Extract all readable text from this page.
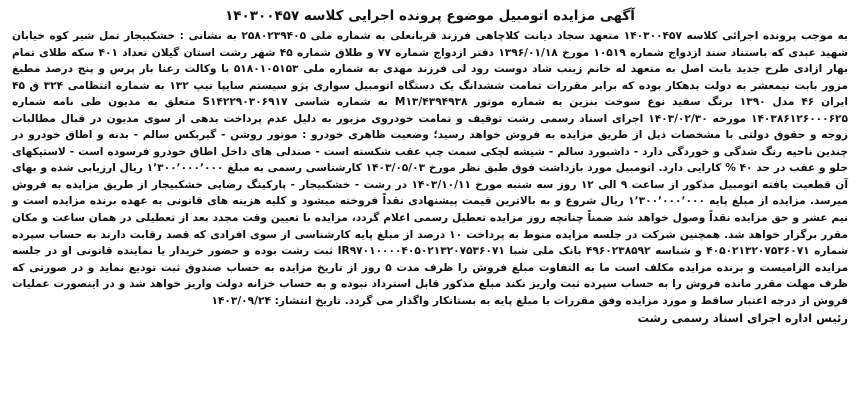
آگهی مزایده اتومبیل موضوع پرونده اجرایی کلاسه ۱۴۰۳۰۰۴۵۷

به موجب پرونده اجرائی کلاسه ۱۴۰۳۰۰۴۵۷ متعهد سجاد دیانت کلاچاهی فرزند قربانعلی به شماره ملی ۲۵۸۰۲۳۹۴۰۵ به نشانی : خشکبیجار تمل شیر کوه خیابان شهید عبدی که باستناد سند ازدواج شماره ۱۰۵۱۹ مورخ ۱۳۹۶/۰۱/۱۸ دفتر ازدواج شماره ۷۷ و طلاق شماره ۴۵ شهر رشت استان گیلان تعداد ۴۰۱ سکه طلای تمام بهار ازادی طرح جدید بابت اصل به متعهد له خانم زینب شاد دوست رود لی فرزند مهدی به شماره ملی ۵۱۸۰۱۰۵۱۵۳ با وکالت رعنا بار پرس و پنج درصد مطبغ مزور بابت نیمعشر به دولت بدهکار بوده که برابر مقررات تمامت ششدانگ یک دستگاه اتومبیل سواری پژو سیستم سایپا تیپ ۱۳۲ به شماره انتظامی ۳۲۴ ق ۴۵ ایران ۴۶ مدل ۱۳۹۰ برنگ سفید نوع سوخت بنزین به شماره موتور ۴۳۹۴۹۳۸/M۱۳ به شماره شاسی S۱۴۲۲۹۰۳۰۶۹۱۷ متعلق به مدیون طی نامه شماره ۱۴۰۳۸۶۱۲۶۰۰۰۶۲۵ مورخه ۱۴۰۳/۰۲/۳۰ اجرای اسناد رسمی رشت توقیف و تمامت خودروی مزبور به دلیل عدم پرداخت بدهی از سوی مدیون در قبال مطالبات زوجه و حقوق دولتی با مشخصات ذیل از طریق مزایده به فروش خواهد رسید؛ وضعیت ظاهری خودرو : موتور روشن - گیربکس سالم - بدنه و اطاق خودرو در چندین ناحیه رنگ شدگی و خوردگی دارد - داشبورد سالم - شیشه لچکی سمت چپ عقب شکسته است - صندلی های داخل اطاق خودرو فرسوده است - لاستیکهای جلو و عقب در حد ۴۰ % کارایی دارد. اتومبیل مورد بازداشت فوق طبق نظر مورخ ۱۴۰۳/۰۵/۰۳ کارشناسی رسمی به مبلغ ۱٬۳۰۰٬۰۰۰٬۰۰۰ ریال ارزیابی شده و بهای آن قطعیت یافته اتومبیل مذکور از ساعت ۹ الی ۱۲ روز سه شنبه مورخ ۱۴۰۳/۱۰/۱۱ در رشت - خشکبیجار - پارکینگ رضایی خشکبیجار از طریق مزایده به فروش میرسد. مزایده از مبلغ پایه ۱٬۳۰۰٬۰۰۰٬۰۰۰ ریال شروع و به بالاترین قیمت پیشنهادی نقداً فروخته میشود و کلیه هزینه های قانونی به عهده برنده مزایده است و نیم عشر و حق مزایده نقداً وصول خواهد شد ضمناً چنانچه روز مزایده تعطیل رسمی اعلام گردد، مزایده با تعیین وقت مجدد بعد از تعطیلی در همان ساعت و مکان مقرر برگزار خواهد شد. همچنین شرکت در جلسه مزایده منوط به پرداخت ۱۰ درصد از مبلغ پایه کارشناسی از سوی افرادی که قصد رقابت دارند به حساب سپرده شماره ۴۰۵۰۲۱۳۲۰۷۵۳۶۰۷۱ و شناسه ۴۹۶۰۲۳۸۵۹۲ بانک ملی شبا IR۹۷۰۱۰۰۰۰۴۰۵۰۲۱۳۲۰۷۵۳۶۰۷۱ ثبت رشت بوده و حضور خریدار یا نماینده قانونی او در جلسه مزایده الزامیست و برنده مزایده مکلف است ما به التفاوت مبلغ فروش را ظرف مدت ۵ روز از تاریخ مزایده به حساب صندوق ثبت تودیع نماید و در صورتی که ظرف مهلت مقرر مانده فروش را به حساب سپرده ثبت واریز نکند مبلغ مذکور قابل استرداد نبوده و به حساب خزانه دولت واریز خواهد شد و در اینصورت عملیات فروش از درجه اعتبار ساقط و مورد مزایده وفق مقررات با مبلغ پایه به بستانکار واگذار می گردد. تاریخ انتشار: ۱۴۰۳/۰۹/۲۴

رئیس اداره اجرای اسناد رسمی رشت
